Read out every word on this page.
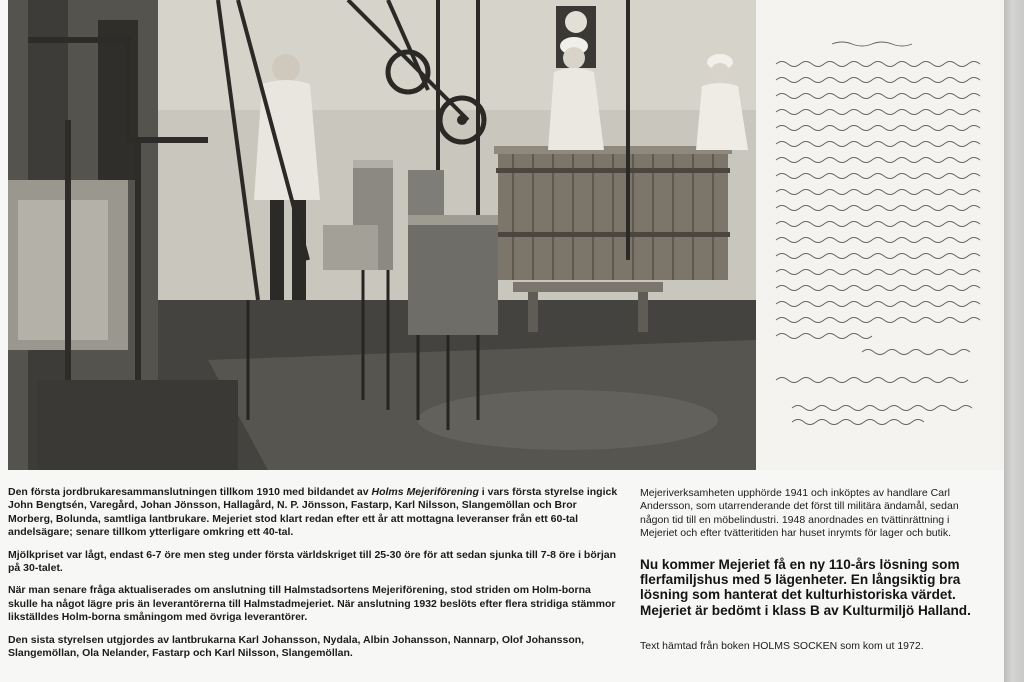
Den första jordbrukaresammanslutningen tillkom 1910 med bildandet av Holms Mejeriförening i vars första styrelse ingick John Bengtsén, Varegård, Johan Jönsson, Hallagård, N. P. Jönsson, Fastarp, Karl Nilsson, Slangemöllan och Bror Morberg, Bolunda, samtliga lantbrukare. Mejeriet stod klart redan efter ett år att mottagna leveranser från ett 60-tal andelsägare; senare tillkom ytterligare omkring ett 40-tal.

Mjölkpriset var lågt, endast 6-7 öre men steg under första världskriget till 25-30 öre för att sedan sjunka till 7-8 öre i början på 30-talet.

När man senare fråga aktualiserades om anslutning till Halmstadsortens Mejeriförening, stod striden om Holm-borna skulle ha något lägre pris än leverantörerna till Halmstadmejeriet. När anslutning 1932 beslöts efter flera stridiga stämmor likställdes Holm-borna småningom med övriga leverantörer.

Den sista styrelsen utgjordes av lantbrukarna Karl Johansson, Nydala, Albin Johansson, Nannarp, Olof Johansson, Slangemöllan, Ola Nelander, Fastarp och Karl Nilsson, Slangemöllan.

Mejeriverksamheten upphörde 1941 och inköptes av handlare Carl Andersson, som utarrenderande det först till militära ändamål, sedan någon tid till en möbelindustri. 1948 anordnades en tvättinrättning i Mejeriet och efter tvätteritiden har huset inrymts för lager och butik.

Nu kommer Mejeriet få en ny 110-års lösning som flerfamiljshus med 5 lägenheter. En långsiktig bra lösning som hanterat det kulturhistoriska värdet. Mejeriet är bedömt i klass B av Kulturmiljö Halland.

Text hämtad från boken HOLMS SOCKEN som kom ut 1972.
